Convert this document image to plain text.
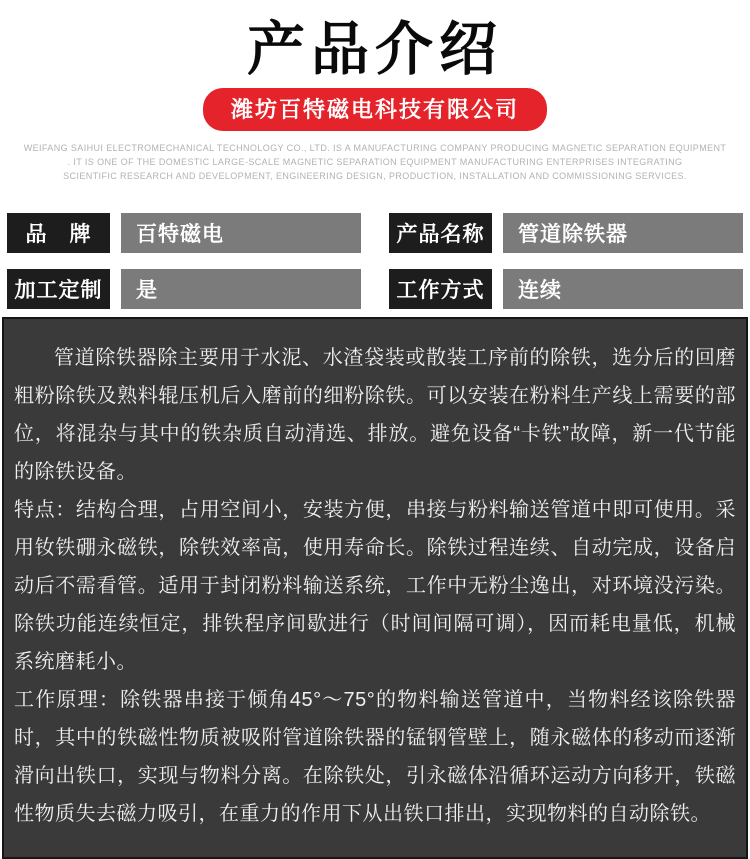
产品介绍
潍坊百特磁电科技有限公司
WEIFANG SAIHUI ELECTROMECHANICAL TECHNOLOGY CO., LTD. IS A MANUFACTURING COMPANY PRODUCING MAGNETIC SEPARATION EQUIPMENT
. IT IS ONE OF THE DOMESTIC LARGE-SCALE MAGNETIC SEPARATION EQUIPMENT MANUFACTURING ENTERPRISES INTEGRATING
SCIENTIFIC RESEARCH AND DEVELOPMENT, ENGINEERING DESIGN, PRODUCTION, INSTALLATION AND COMMISSIONING SERVICES.
品　牌	百特磁电	产品名称	管道除铁器
加工定制	是	工作方式	连续

管道除铁器除主要用于水泥、水渣袋装或散装工序前的除铁，选分后的回磨粗粉除铁及熟料辊压机后入磨前的细粉除铁。可以安装在粉料生产线上需要的部位，将混杂与其中的铁杂质自动清选、排放。避免设备“卡铁”故障，新一代节能的除铁设备。

特点：结构合理，占用空间小，安装方便，串接与粉料输送管道中即可使用。采用钕铁硼永磁铁，除铁效率高，使用寿命长。除铁过程连续、自动完成，设备启动后不需看管。适用于封闭粉料输送系统，工作中无粉尘逸出，对环境没污染。除铁功能连续恒定，排铁程序间歇进行（时间间隔可调），因而耗电量低，机械系统磨耗小。

工作原理：除铁器串接于倾角45°～75°的物料输送管道中，当物料经该除铁器时，其中的铁磁性物质被吸附管道除铁器的锰钢管壁上，随永磁体的移动而逐渐滑向出铁口，实现与物料分离。在除铁处，引永磁体沿循环运动方向移开，铁磁性物质失去磁力吸引，在重力的作用下从出铁口排出，实现物料的自动除铁。
